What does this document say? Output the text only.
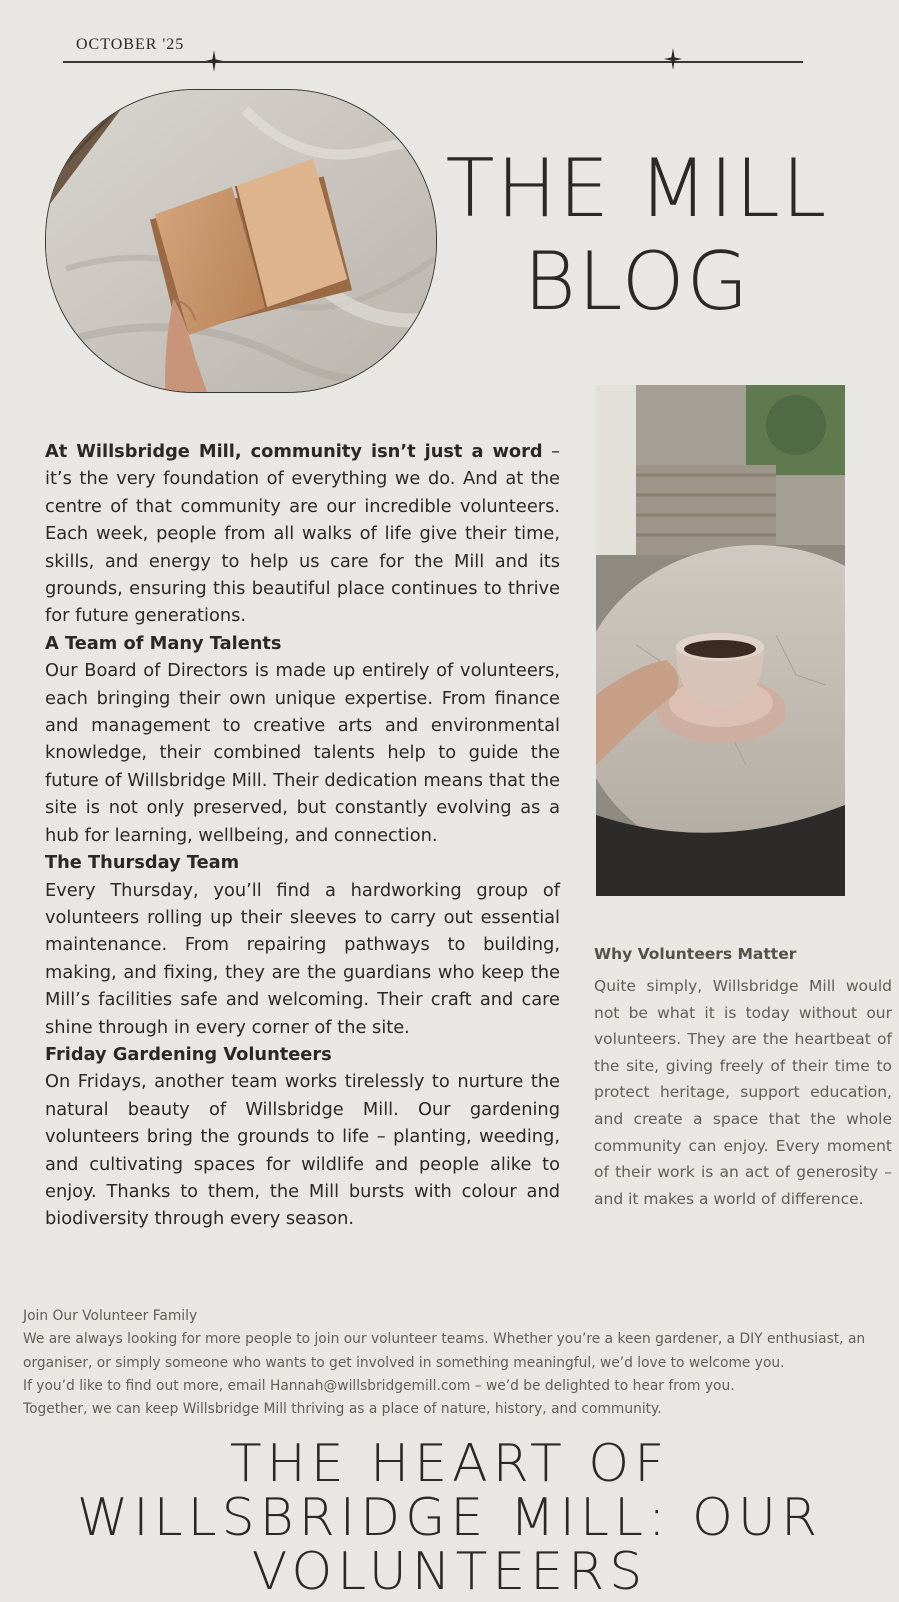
OCTOBER '25
THE MILL
BLOG

At Willsbridge Mill, community isn’t just a word – it’s the very foundation of everything we do. And at the centre of that community are our incredible volunteers. Each week, people from all walks of life give their time, skills, and energy to help us care for the Mill and its grounds, ensuring this beautiful place continues to thrive for future generations.

A Team of Many Talents

Our Board of Directors is made up entirely of volunteers, each bringing their own unique expertise. From finance and management to creative arts and environmental knowledge, their combined talents help to guide the future of Willsbridge Mill. Their dedication means that the site is not only preserved, but constantly evolving as a hub for learning, wellbeing, and connection.

The Thursday Team

Every Thursday, you’ll find a hardworking group of volunteers rolling up their sleeves to carry out essential maintenance. From repairing pathways to building, making, and fixing, they are the guardians who keep the Mill’s facilities safe and welcoming. Their craft and care shine through in every corner of the site.

Friday Gardening Volunteers

On Fridays, another team works tirelessly to nurture the natural beauty of Willsbridge Mill. Our gardening volunteers bring the grounds to life – planting, weeding, and cultivating spaces for wildlife and people alike to enjoy. Thanks to them, the Mill bursts with colour and biodiversity through every season.

Why Volunteers Matter

Quite simply, Willsbridge Mill would not be what it is today without our volunteers. They are the heartbeat of the site, giving freely of their time to protect heritage, support education, and create a space that the whole community can enjoy. Every moment of their work is an act of generosity – and it makes a world of difference.

Join Our Volunteer Family

We are always looking for more people to join our volunteer teams. Whether you’re a keen gardener, a DIY enthusiast, an organiser, or simply someone who wants to get involved in something meaningful, we’d love to welcome you.

If you’d like to find out more, email Hannah@willsbridgemill.com – we’d be delighted to hear from you.

Together, we can keep Willsbridge Mill thriving as a place of nature, history, and community.

THE HEART OF
WILLSBRIDGE MILL: OUR
VOLUNTEERS
